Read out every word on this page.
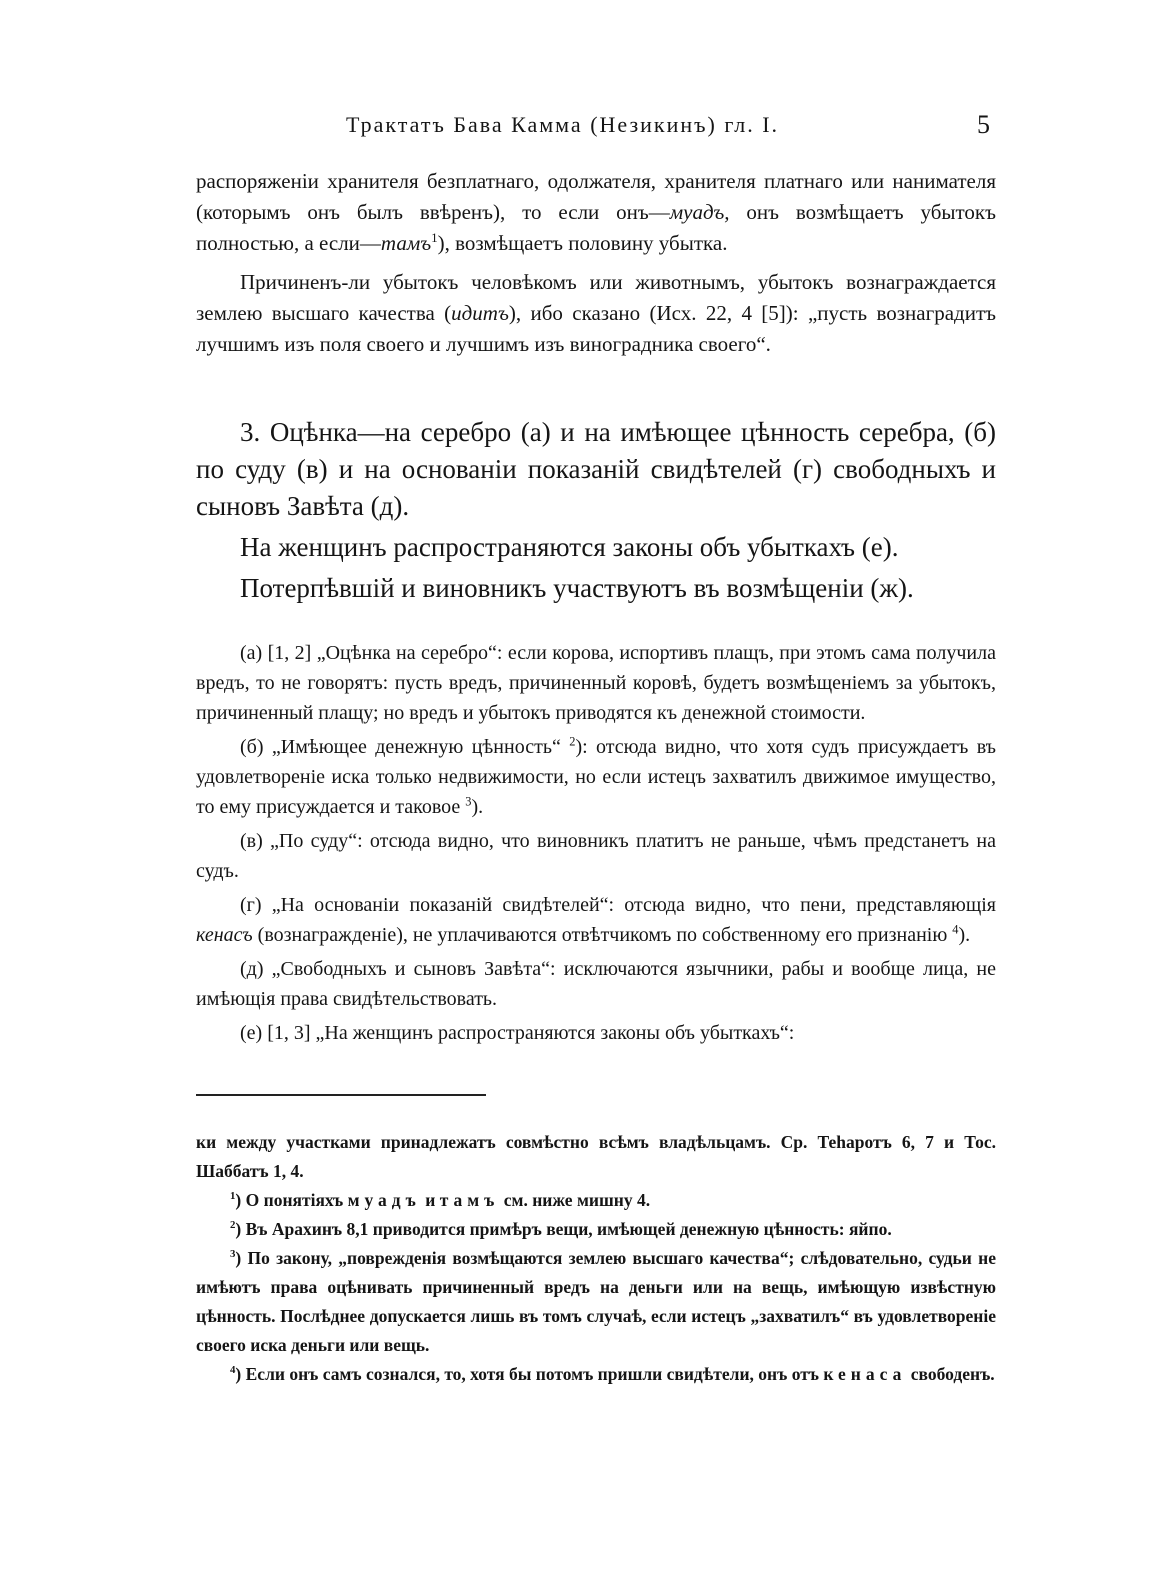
Трактатъ Бава Камма (Незикинъ) гл. I.	5

распоряженіи хранителя безплатнаго, одолжателя, хранителя платнаго или нанимателя (которымъ онъ былъ ввѣренъ), то если онъ—муадъ, онъ возмѣщаетъ убытокъ полностью, а если—тамъ$^1$), возмѣщаетъ половину убытка.

Причиненъ-ли убытокъ человѣкомъ или животнымъ, убытокъ вознаграждается землею высшаго качества (идитъ), ибо сказано (Исх. 22, 4 [5]): „пусть вознаградитъ лучшимъ изъ поля своего и лучшимъ изъ виноградника своего“.

3. Оцѣнка—на серебро (а) и на имѣющее цѣнность серебра, (б) по суду (в) и на основаніи показаній свидѣтелей (г) свободныхъ и сыновъ Завѣта (д).

На женщинъ распространяются законы объ убыткахъ (е).

Потерпѣвшій и виновникъ участвуютъ въ возмѣщеніи (ж).

(а) [1, 2] „Оцѣнка на серебро“: если корова, испортивъ плащъ, при этомъ сама получила вредъ, то не говорятъ: пусть вредъ, причиненный коровѣ, будетъ возмѣщеніемъ за убытокъ, причиненный плащу; но вредъ и убытокъ приводятся къ денежной стоимости.

(б) „Имѣющее денежную цѣнность“ $^2$): отсюда видно, что хотя судъ присуждаетъ въ удовлетвореніе иска только недвижимости, но если истецъ захватилъ движимое имущество, то ему присуждается и таковое $^3$).

(в) „По суду“: отсюда видно, что виновникъ платитъ не раньше, чѣмъ предстанетъ на судъ.

(г) „На основаніи показаній свидѣтелей“: отсюда видно, что пени, представляющія кенасъ (вознагражденіе), не уплачиваются отвѣтчикомъ по собственному его признанію $^4$).

(д) „Свободныхъ и сыновъ Завѣта“: исключаются язычники, рабы и вообще лица, не имѣющія права свидѣтельствовать.

(е) [1, 3] „На женщинъ распространяются законы объ убыткахъ“:

ки между участками принадлежатъ совмѣстно всѣмъ владѣльцамъ. Ср. Теһаротъ 6, 7 и Тос. Шаббатъ 1, 4.

$^1$) О понятіяхъ муадъ и тамъ см. ниже мишну 4.

$^2$) Въ Арахинъ 8,1 приводится примѣръ вещи, имѣющей денежную цѣнность: яйпо.

$^3$) По закону, „поврежденія возмѣщаются землею высшаго качества“; слѣдовательно, судьи не имѣютъ права оцѣнивать причиненный вредъ на деньги или на вещь, имѣющую извѣстную цѣнность. Послѣднее допускается лишь въ томъ случаѣ, если истецъ „захватилъ“ въ удовлетвореніе своего иска деньги или вещь.

$^4$) Если онъ самъ сознался, то, хотя бы потомъ пришли свидѣтели, онъ отъ кенаса свободенъ.
